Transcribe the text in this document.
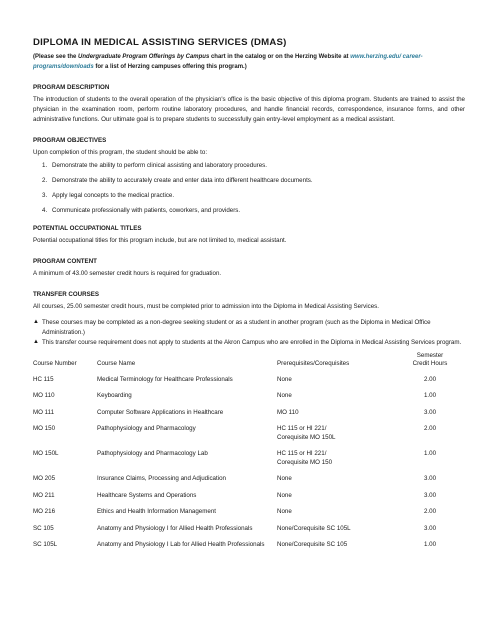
DIPLOMA IN MEDICAL ASSISTING SERVICES (DMAS)

(Please see the Undergraduate Program Offerings by Campus chart in the catalog or on the Herzing Website at www.herzing.edu/ career-programs/downloads for a list of Herzing campuses offering this program.)

PROGRAM DESCRIPTION

The introduction of students to the overall operation of the physician's office is the basic objective of this diploma program. Students are trained to assist the physician in the examination room, perform routine laboratory procedures, and handle financial records, correspondence, insurance forms, and other administrative functions. Our ultimate goal is to prepare students to successfully gain entry-level employment as a medical assistant.

PROGRAM OBJECTIVES

Upon completion of this program, the student should be able to:

1. Demonstrate the ability to perform clinical assisting and laboratory procedures.
2. Demonstrate the ability to accurately create and enter data into different healthcare documents.
3. Apply legal concepts to the medical practice.
4. Communicate professionally with patients, coworkers, and providers.
POTENTIAL OCCUPATIONAL TITLES

Potential occupational titles for this program include, but are not limited to, medical assistant.

PROGRAM CONTENT

A minimum of 43.00 semester credit hours is required for graduation.

TRANSFER COURSES

All courses, 25.00 semester credit hours, must be completed prior to admission into the Diploma in Medical Assisting Services.

▲ These courses may be completed as a non-degree seeking student or as a student in another program (such as the Diploma in Medical Office Administration.)
▲ This transfer course requirement does not apply to students at the Akron Campus who are enrolled in the Diploma in Medical Assisting Services program.
Course Number	Course Name	Prerequisites/Corequisites	Semester
Credit Hours
HC 115	Medical Terminology for Healthcare Professionals	None	2.00
MO 110	Keyboarding	None	1.00
MO 111	Computer Software Applications in Healthcare	MO 110	3.00
MO 150	Pathophysiology and Pharmacology	HC 115 or HI 221/
Corequisite MO 150L	2.00
MO 150L	Pathophysiology and Pharmacology Lab	HC 115 or HI 221/
Corequisite MO 150	1.00
MO 205	Insurance Claims, Processing and Adjudication	None	3.00
MO 211	Healthcare Systems and Operations	None	3.00
MO 216	Ethics and Health Information Management	None	2.00
SC 105	Anatomy and Physiology I for Allied Health Professionals	None/Corequisite SC 105L	3.00
SC 105L	Anatomy and Physiology I Lab for Allied Health Professionals	None/Corequisite SC 105	1.00
